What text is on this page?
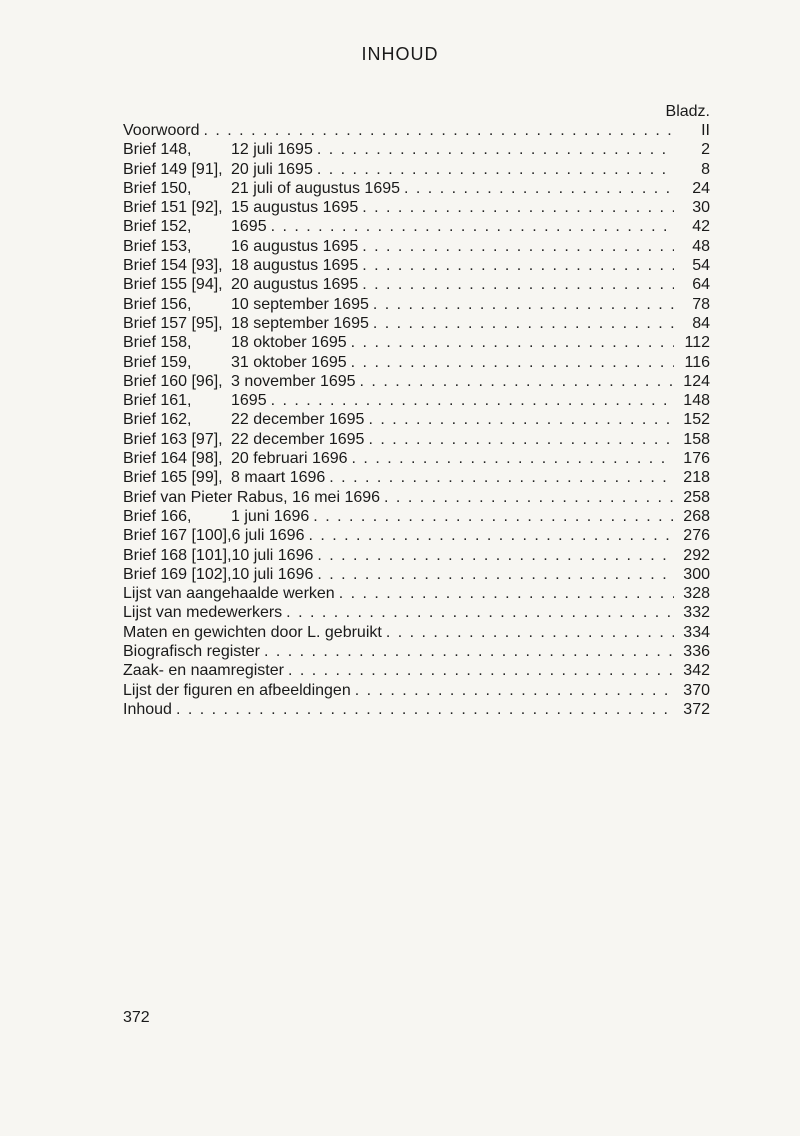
INHOUD
Bladz.
Voorwoord . . .	II
Brief 148, 12 juli 1695 . . .	2
Brief 149 [91], 20 juli 1695 . . .	8
Brief 150, 21 juli of augustus 1695 . . .	24
Brief 151 [92], 15 augustus 1695 . . .	30
Brief 152, 1695 . . .	42
Brief 153, 16 augustus 1695 . . .	48
Brief 154 [93], 18 augustus 1695 . . .	54
Brief 155 [94], 20 augustus 1695 . . .	64
Brief 156, 10 september 1695 . . .	78
Brief 157 [95], 18 september 1695 . . .	84
Brief 158, 18 oktober 1695 . . .	112
Brief 159, 31 oktober 1695 . . .	116
Brief 160 [96], 3 november 1695 . . .	124
Brief 161, 1695 . . .	148
Brief 162, 22 december 1695 . . .	152
Brief 163 [97], 22 december 1695 . . .	158
Brief 164 [98], 20 februari 1696 . . .	176
Brief 165 [99], 8 maart 1696 . . .	218
Brief van Pieter Rabus, 16 mei 1696 . . .	258
Brief 166, 1 juni 1696 . . .	268
Brief 167 [100],6 juli 1696 . . .	276
Brief 168 [101],10 juli 1696 . . .	292
Brief 169 [102],10 juli 1696 . . .	300
Lijst van aangehaalde werken . . .	328
Lijst van medewerkers . . .	332
Maten en gewichten door L. gebruikt . . .	334
Biografisch register . . .	336
Zaak- en naamregister . . .	342
Lijst der figuren en afbeeldingen . . .	370
Inhoud . . .	372
372
